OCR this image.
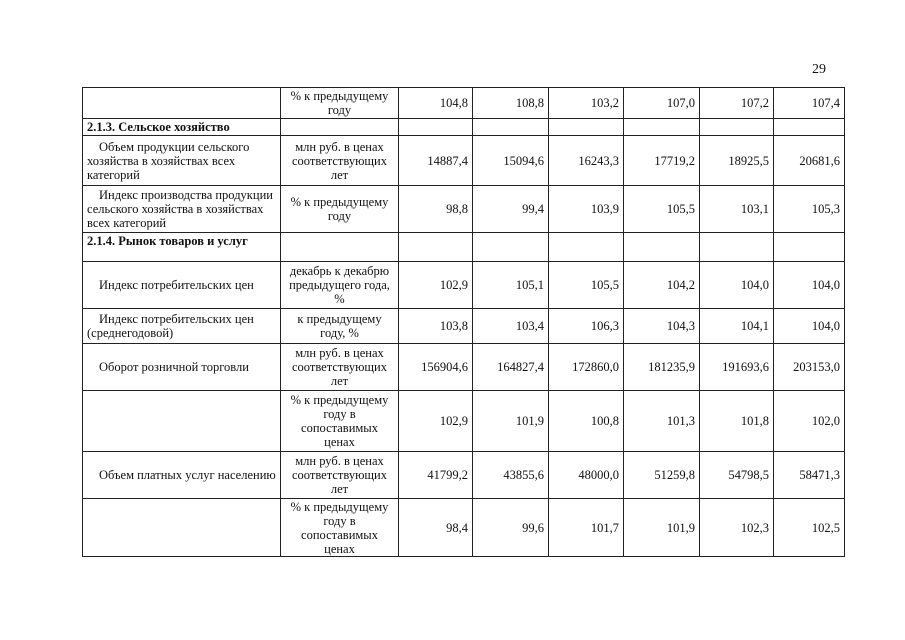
29
	% к предыдущему году	104,8	108,8	103,2	107,0	107,2	107,4
2.1.3. Сельское хозяйство							
Объем продукции сельского хозяйства в хозяйствах всех категорий	млн руб. в ценах соответствующих лет	14887,4	15094,6	16243,3	17719,2	18925,5	20681,6
Индекс производства продукции сельского хозяйства в хозяйствах всех категорий	% к предыдущему году	98,8	99,4	103,9	105,5	103,1	105,3
2.1.4. Рынок товаров и услуг							
Индекс потребительских цен	декабрь к декабрю предыдущего года, %	102,9	105,1	105,5	104,2	104,0	104,0
Индекс потребительских цен (среднегодовой)	к предыдущему году, %	103,8	103,4	106,3	104,3	104,1	104,0
Оборот розничной торговли	млн руб. в ценах соответствующих лет	156904,6	164827,4	172860,0	181235,9	191693,6	203153,0
	% к предыдущему году в сопоставимых ценах	102,9	101,9	100,8	101,3	101,8	102,0
Объем платных услуг населению	млн руб. в ценах соответствующих лет	41799,2	43855,6	48000,0	51259,8	54798,5	58471,3
	% к предыдущему году в сопоставимых ценах	98,4	99,6	101,7	101,9	102,3	102,5
